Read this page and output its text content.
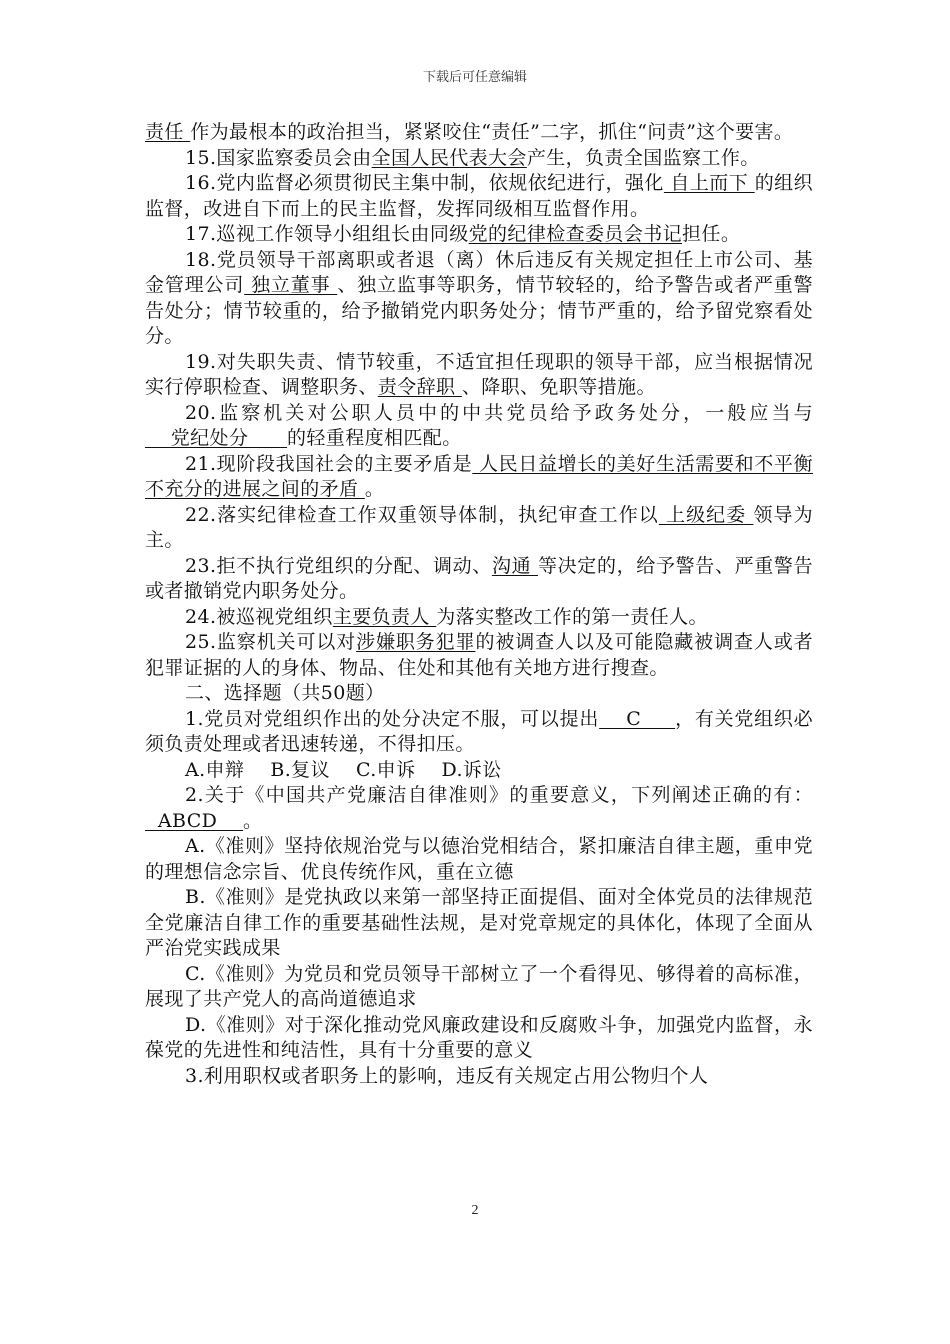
下载后可任意编辑

责任 作为最根本的政治担当，紧紧咬住“责任”二字，抓住“问责”这个要害。

15.国家监察委员会由全国人民代表大会产生，负责全国监察工作。

16.党内监督必须贯彻民主集中制，依规依纪进行，强化 自上而下 的组织监督，改进自下而上的民主监督，发挥同级相互监督作用。

17.巡视工作领导小组组长由同级党的纪律检查委员会书记担任。

18.党员领导干部离职或者退（离）休后违反有关规定担任上市公司、基金管理公司 独立董事 、独立监事等职务，情节较轻的，给予警告或者严重警告处分；情节较重的，给予撤销党内职务处分；情节严重的，给予留党察看处分。

19.对失职失责、情节较重，不适宜担任现职的领导干部，应当根据情况实行停职检查、调整职务、责令辞职 、降职、免职等措施。

20.监察机关对公职人员中的中共党员给予政务处分，一般应当与    党纪处分      的轻重程度相匹配。

21.现阶段我国社会的主要矛盾是 人民日益增长的美好生活需要和不平衡不充分的进展之间的矛盾 。

22.落实纪律检查工作双重领导体制，执纪审查工作以 上级纪委 领导为主。

23.拒不执行党组织的分配、调动、沟通 等决定的，给予警告、严重警告或者撤销党内职务处分。

24.被巡视党组织主要负责人 为落实整改工作的第一责任人。

25.监察机关可以对涉嫌职务犯罪的被调查人以及可能隐藏被调查人或者犯罪证据的人的身体、物品、住处和其他有关地方进行搜查。

二、选择题（共50题）

1.党员对党组织作出的处分决定不服，可以提出    C     ，有关党组织必须负责处理或者迅速转递，不得扣压。

A.申辩 B.复议 C.申诉 D.诉讼

2.关于《中国共产党廉洁自律准则》的重要意义，下列阐述正确的有：  ABCD    。

A.《准则》坚持依规治党与以德治党相结合，紧扣廉洁自律主题，重申党的理想信念宗旨、优良传统作风，重在立德

B.《准则》是党执政以来第一部坚持正面提倡、面对全体党员的法律规范全党廉洁自律工作的重要基础性法规，是对党章规定的具体化，体现了全面从严治党实践成果

C.《准则》为党员和党员领导干部树立了一个看得见、够得着的高标准，展现了共产党人的高尚道德追求

D.《准则》对于深化推动党风廉政建设和反腐败斗争，加强党内监督，永葆党的先进性和纯洁性，具有十分重要的意义

3.利用职权或者职务上的影响，违反有关规定占用公物归个人

2
